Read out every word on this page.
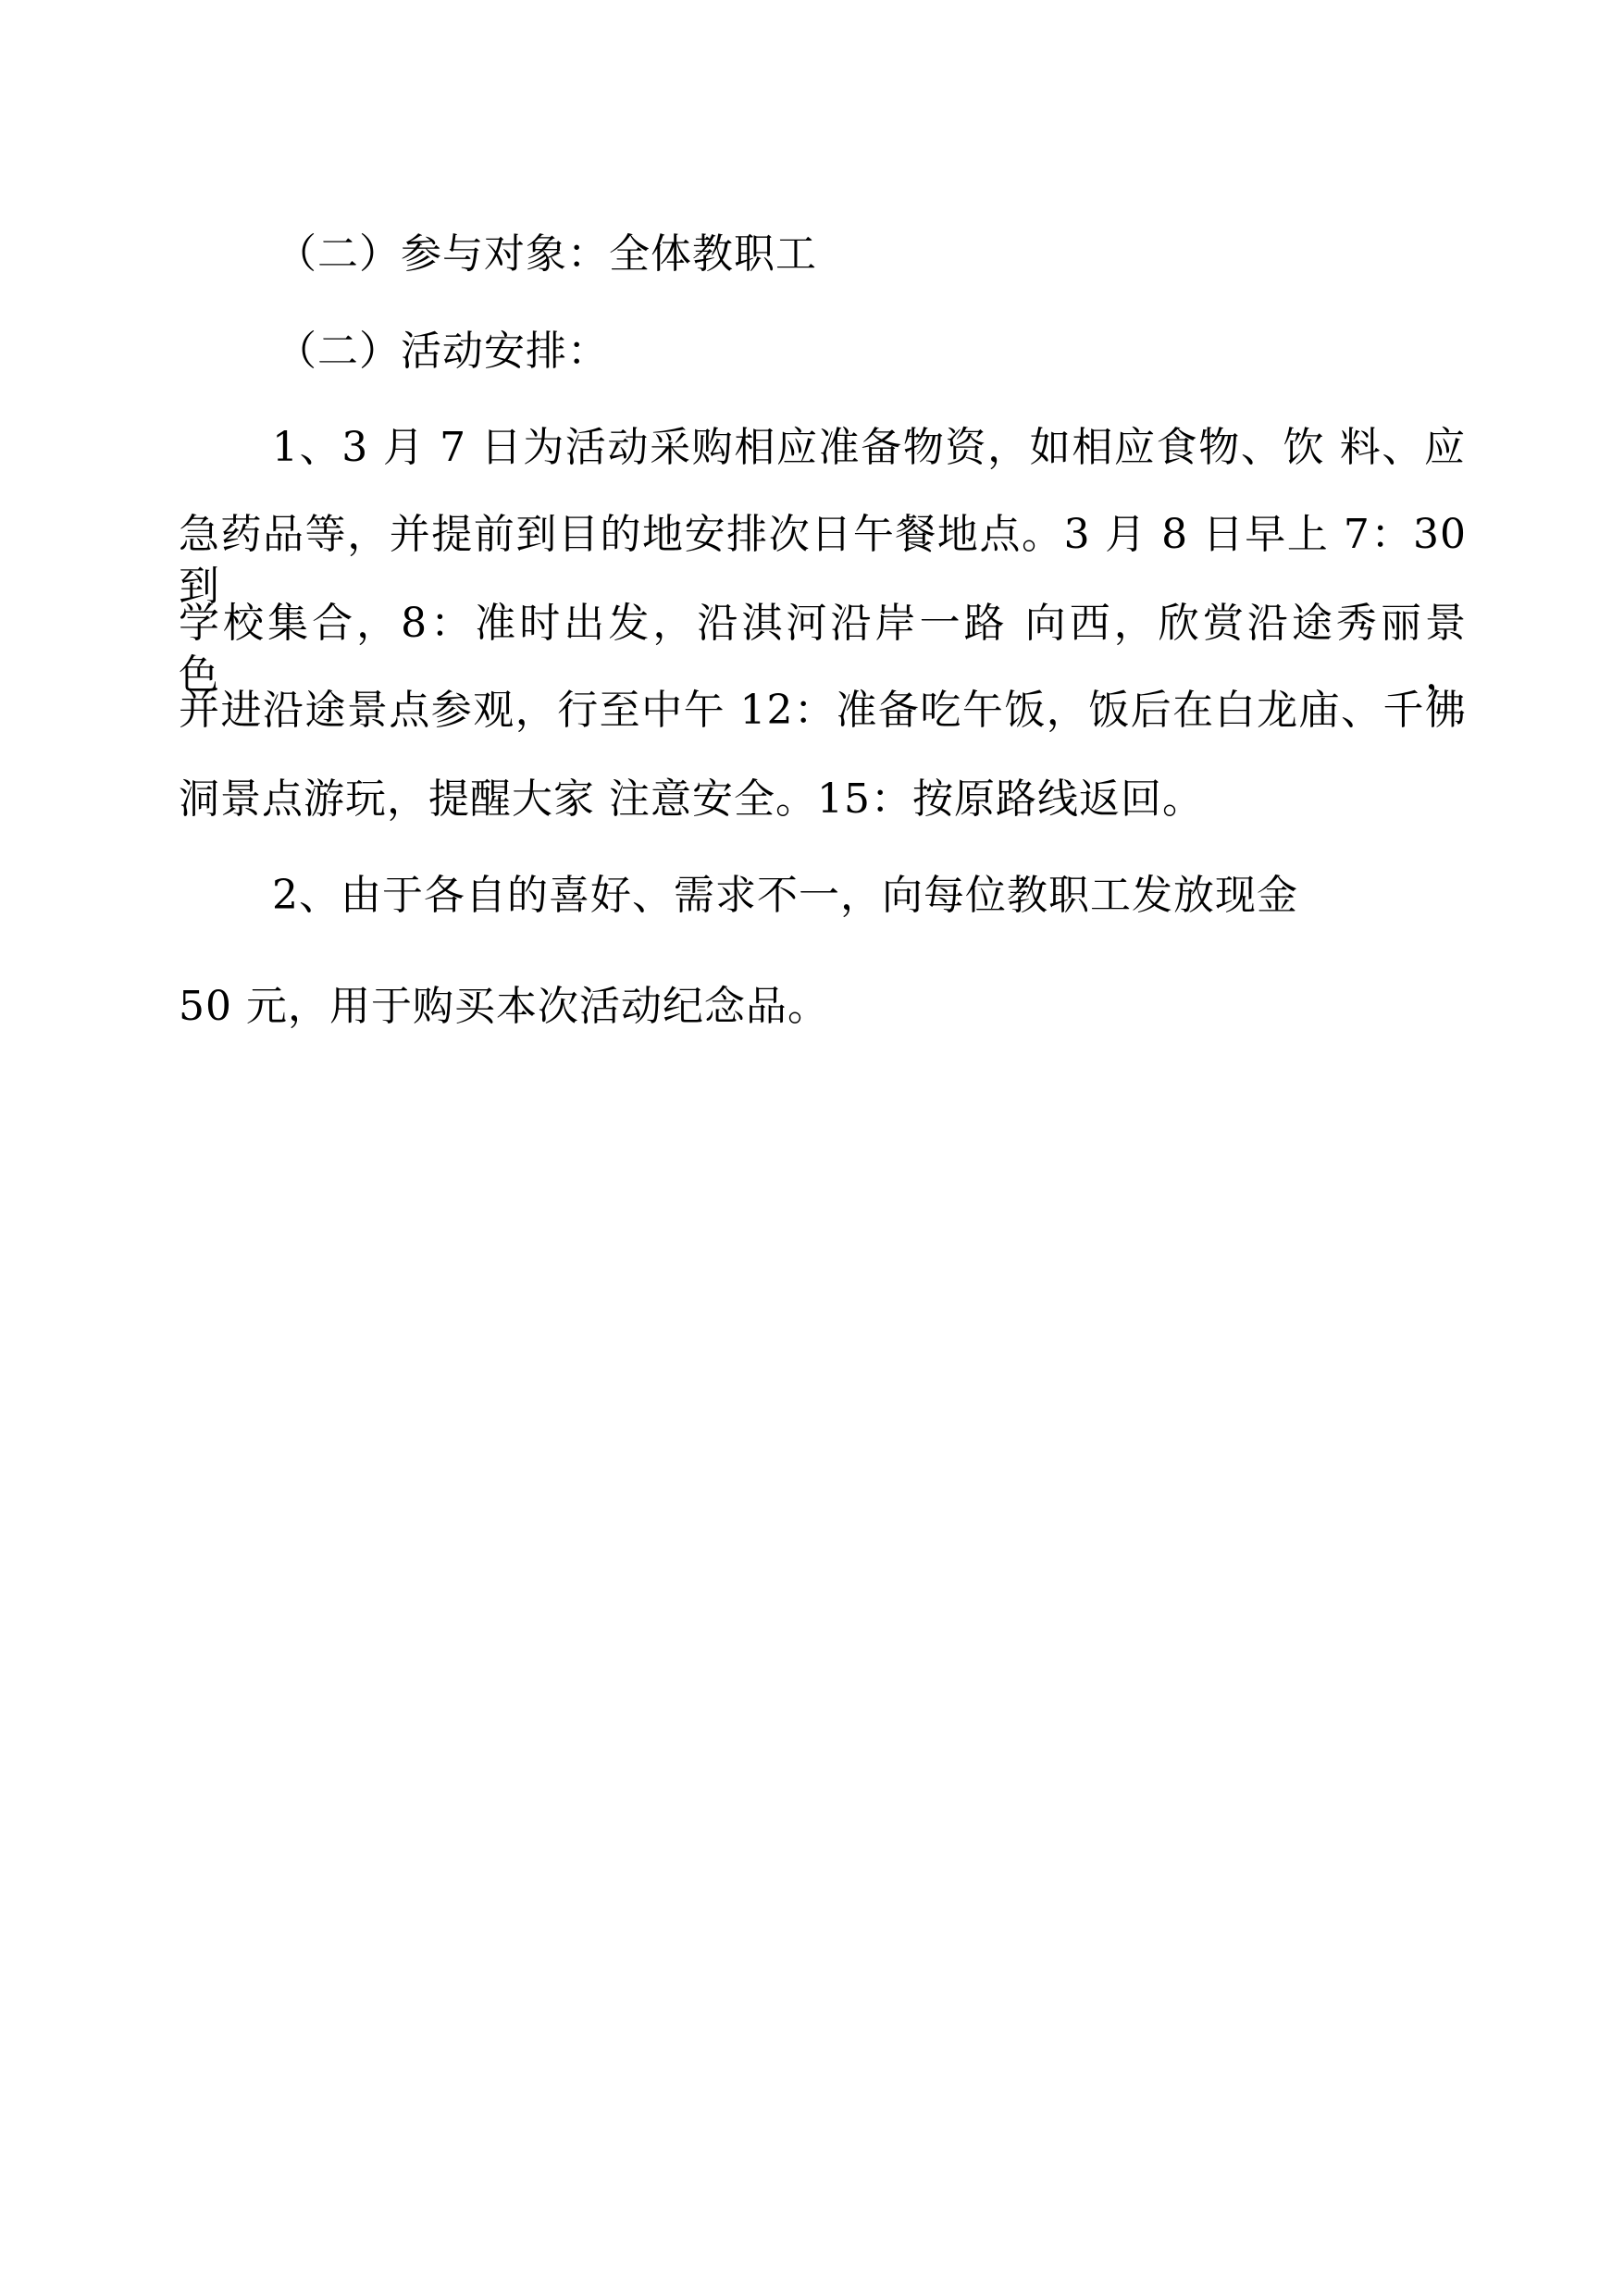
（二）参与对象：全体教职工
（二）活动安排：
1、3 月 7 日为活动采购相应准备物资，如相应食物、饮 料、应
急药品等，并提前到目的地安排次日午餐地点。3 月 8 日早上 7：30 到
学校集合，8：准时出发，沿淇河沿岸一路 向西，欣赏沿途秀丽景色，
并进沿途景点参观，行至中午 12：准备吃午饭，饭后在白龙庙、千佛
洞景点游玩，提醒大家 注意安全。15：按原路线返回。
2、由于各自的喜好、需求不一，向每位教职工发放现金
50 元，用于购买本次活动纪念品。
